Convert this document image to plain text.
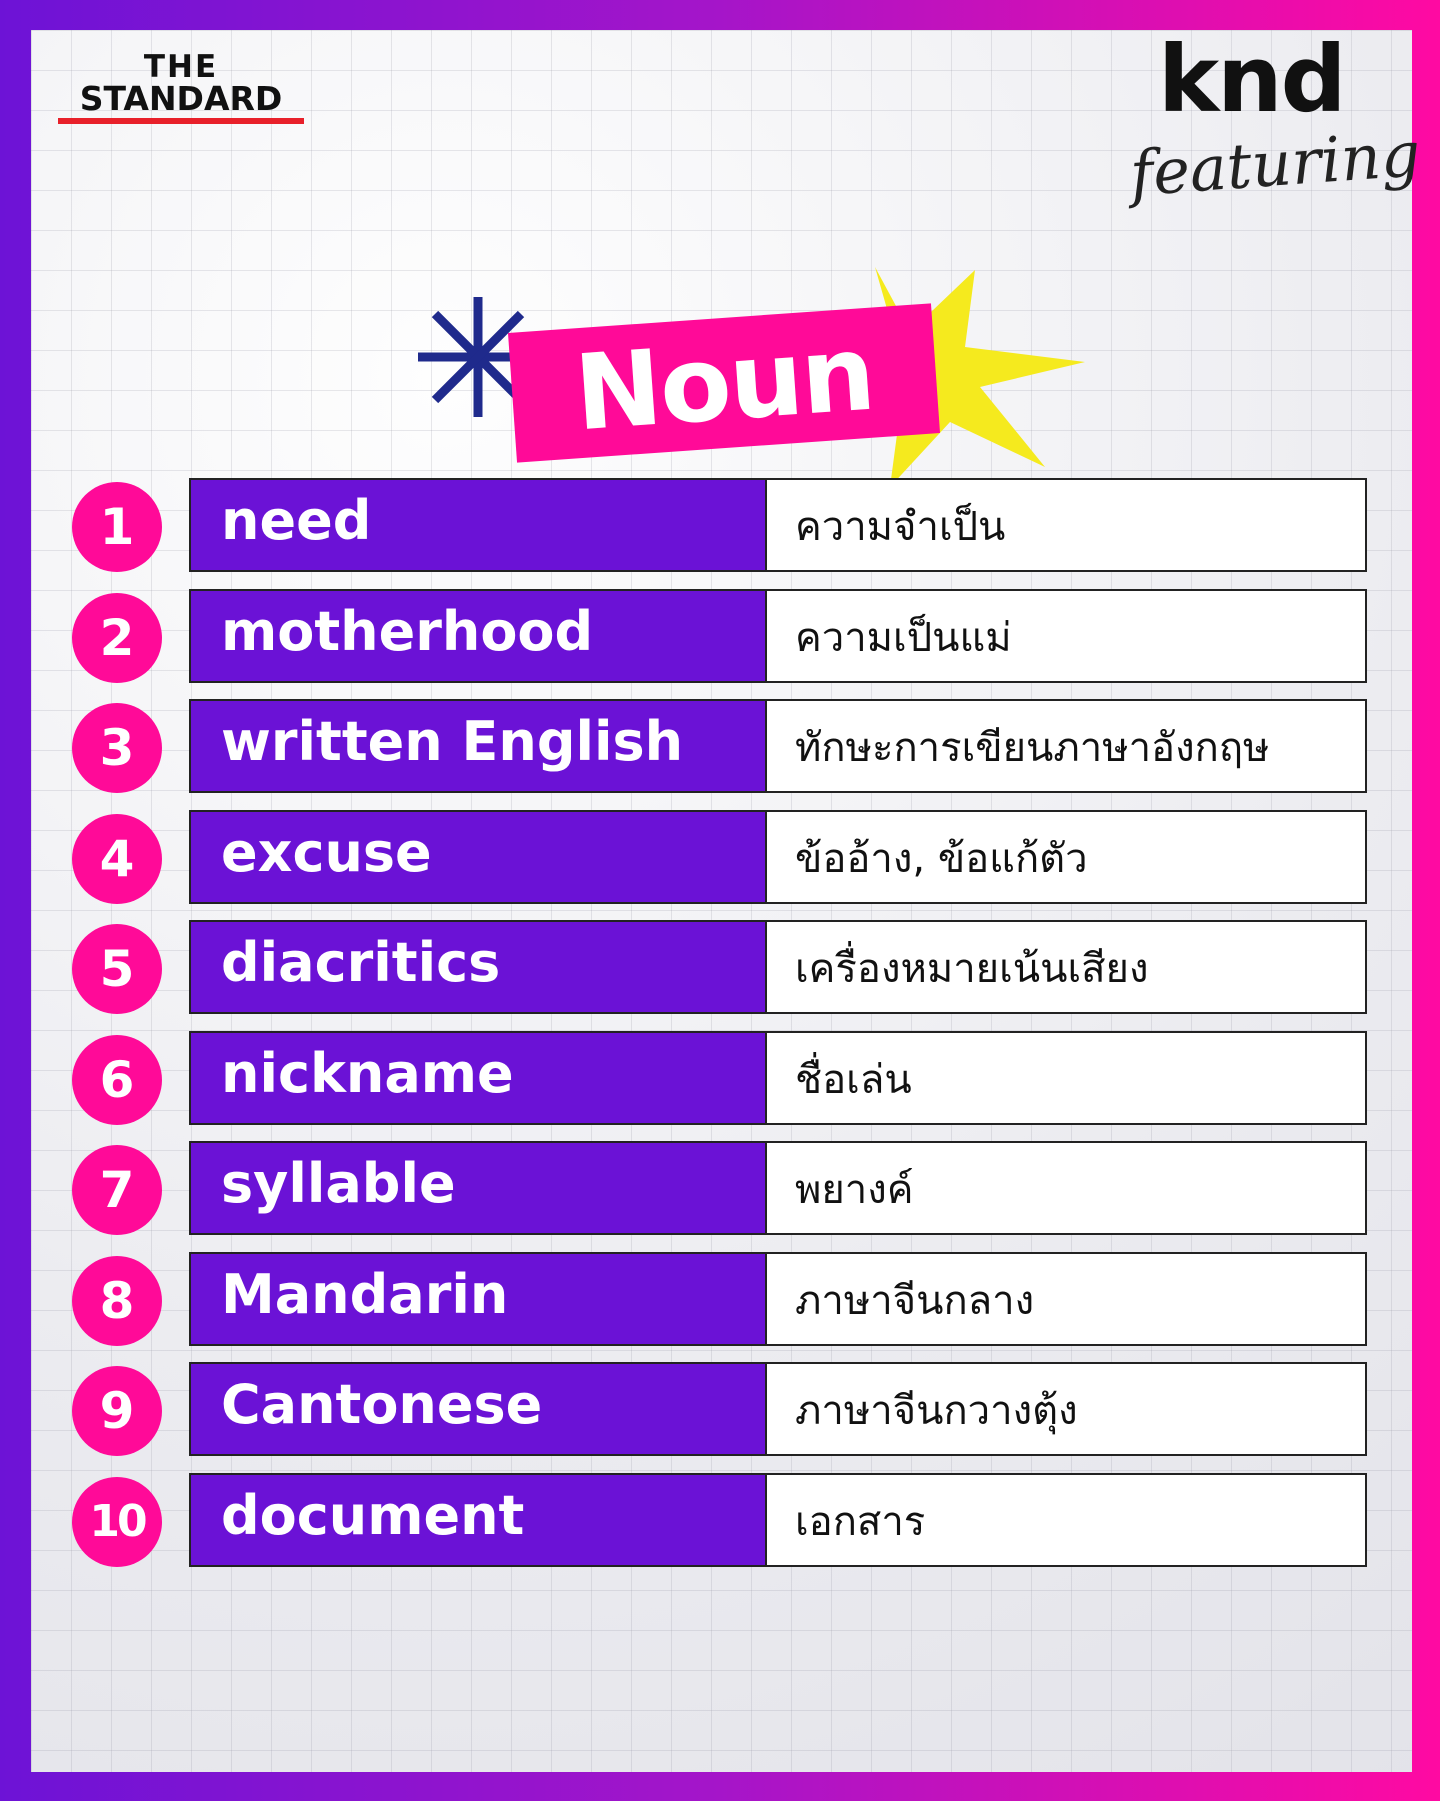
THE
STANDARD	knd
featuring
Noun
1	need	ความจำเป็น
2	motherhood	ความเป็นแม่
3	written English	ทักษะการเขียนภาษาอังกฤษ
4	excuse	ข้ออ้าง, ข้อแก้ตัว
5	diacritics	เครื่องหมายเน้นเสียง
6	nickname	ชื่อเล่น
7	syllable	พยางค์
8	Mandarin	ภาษาจีนกลาง
9	Cantonese	ภาษาจีนกวางตุ้ง
10	document	เอกสาร
